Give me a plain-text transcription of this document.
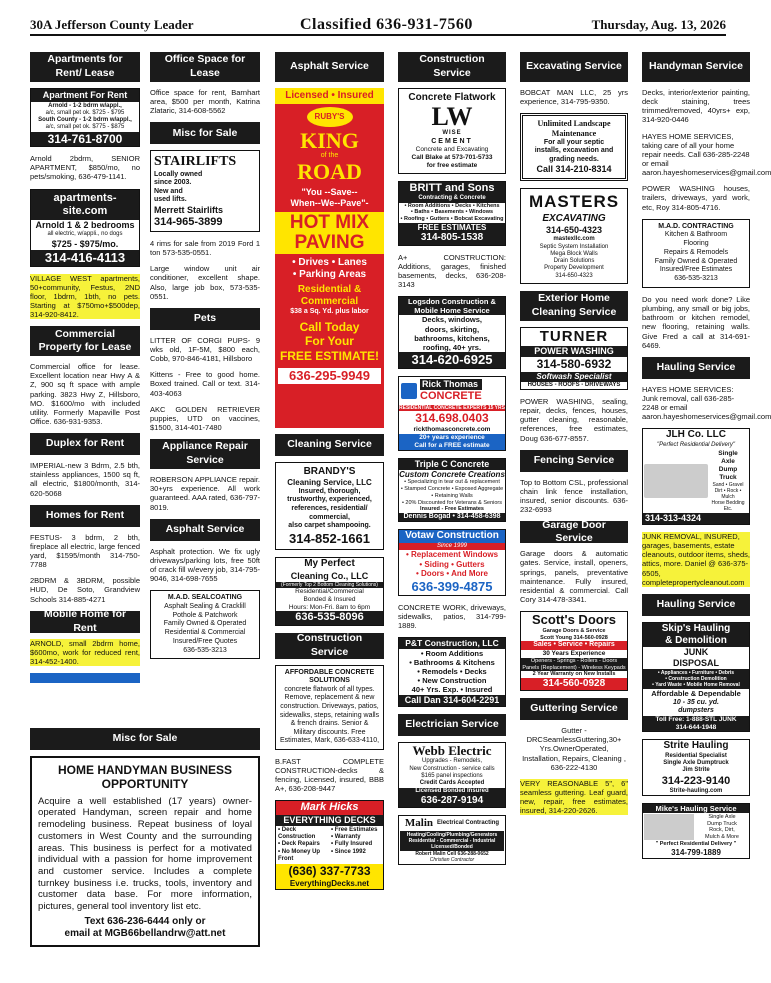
30A Jefferson County Leader	Classified 636-931-7560	Thursday, Aug. 13, 2026
Apartments for Rent/ Lease
Apartment For Rent
Arnold - 1-2 bdrm w/appl.,
a/c, small pet ok. $725 - $795
South County - 1-2 bdrm w/appl.,
a/c, small pet ok. $775 - $875
314-761-8700
Arnold 2bdrm, SENIOR APARTMENT, $850/mo, no pets/smoking, 636-479-1141.
apartments-site.com
Arnold 1 & 2 bedrooms
all electric, w/appli., no dogs
$725 - $975/mo.
314-416-4113
VILLAGE WEST apartments, 50+community, Festus, 2ND floor, 1bdrm, 1bth, no pets. Starting at $750mo+$500dep, 314-920-8412.
Commercial Property for Lease
Commercial office for lease. Excellent location near Hwy A & Z, 900 sq ft space with ample parking. 3823 Hwy Z, Hillsboro, MO. $1600/mo with included utility. Formerly Mapaville Post Office. 636-931-9353.
Duplex for Rent
IMPERIAL-new 3 Bdrm, 2.5 bth, stainless appliances, 1500 sq ft, all electric, $1800/month, 314-620-5068
Homes for Rent
FESTUS- 3 bdrm, 2 bth, fireplace all electric, large fenced yard, $1595/month 314-750-7788
2BDRM & 3BDRM, possible HUD, De Soto, Grandview Schools 314-885-4271
Mobile Home for Rent
ARNOLD, small 2bdrm home, $600mo, work for reduced rent, 314-452-1400.
Office Space for Lease
Office space for rent, Barnhart area, $500 per month, Katrina Zlataric, 314-608-5562
Misc for Sale
STAIRLIFTS
Locally owned
since 2003.
New and
used lifts.
Merrett Stairlifts
314-965-3899
4 rims for sale from 2019 Ford 1 ton 573-535-0551.
Large window unit air conditioner, excellent shape. Also, large job box, 573-535-0551.
Pets
LITTER OF CORGI PUPS- 9 wks old, 1F-5M, $800 each, Cobb, 970-846-4181, Hillsboro
Kittens - Free to good home. Boxed trained. Call or text. 314-403-4063
AKC GOLDEN RETRIEVER puppies, UTD on vaccines, $1500, 314-401-7480
Appliance Repair Service
ROBERSON APPLIANCE repair. 30+yrs experience. All work guaranteed. AAA rated, 636-797-8019.
Asphalt Service
Asphalt protection. We fix ugly driveways/parking lots, free 50ft of crack fill w/every job, 314-795-9046, 314-698-7655
M.A.D. SEALCOATING
Asphalt Sealing & Cracklill
Pothole & Patchwork
Family Owned & Operated
Residential & Commercial
Insured/Free Quotes
636-535-3213
Misc for Sale
HOME HANDYMAN BUSINESS OPPORTUNITY
Acquire a well established (17 years) owner-operated Handyman, screen repair and home remodeling business. Repeat business of loyal customers in West County and the surrounding areas. This business is perfect for a motivated individual with a passion for home improvement and customer service. Includes a complete turnkey business i.e. trucks, tools, inventory and customer data base. For more information, pictures, general tool inventory list etc.
Text 636-236-6444 only or
email at MGB66bellandrw@att.net
Asphalt Service
Licensed • Insured
RUBY'S
KING
of the
ROAD
"You --Save--
When--We--Pave"-
HOT MIX
PAVING
• Drives • Lanes
• Parking Areas
Residential &
Commercial
$38 a Sq. Yd. plus labor
Call Today
For Your
FREE ESTIMATE!
636-295-9949
Cleaning Service
BRANDY'S
Cleaning Service, LLC
Insured, thorough,
trustworthy, experienced,
references, residential/
commercial,
also carpet shampooing.
314-852-1661
My Perfect
Cleaning Co., LLC
(Formerly Top 2 Bottom Cleaning Solutions)
Residential/Commercial
Bonded & Insured
Hours: Mon-Fri. 8am to 6pm
636-535-8096
Construction Service
AFFORDABLE CONCRETE SOLUTIONS
concrete flatwork of all types. Remove, replacement & new construction. Driveways, patios, sidewalks, steps, retaining walls & french drains. Senior & Military discounts. Free Estimates, Mark, 636-633-4110,
B.FAST COMPLETE CONSTRUCTION-decks & fencing, Licensed, insured, BBB A+, 636-208-9447
Mark Hicks
EVERYTHING DECKS
• Deck Construction
• Deck Repairs
• No Money Up Front
• Free Estimates
• Warranty
• Fully Insured
• Since 1992
(636) 337-7733
EverythingDecks.net
Construction Service
Concrete Flatwork
LW
WISE
CEMENT
Concrete and Excavating
Call Blake at 573-701-5733
for free estimate
BRITT and Sons
Contracting & Concrete
• Room Additions • Decks • Kitchens
• Baths • Basements • Windows
• Roofing • Gutters • Bobcat Excavating
FREE ESTIMATES
314-805-1538
A+ CONSTRUCTION: Additions, garages, finished basements, decks, 636-208-3143
Logsdon Construction & Mobile Home Service
Decks, windows,
doors, skirting,
bathrooms, kitchens,
roofing, 40+ yrs.
314-620-6925
Rick Thomas
CONCRETE
RESIDENTIAL CONCRETE EXPERTS 15 YRS
314.698.0403
rickthomasconcrete.com
20+ years experience
Call for a FREE estimate
Triple C Concrete
Custom Concrete Creations
• Specializing in tear out & replacement
• Stamped Concrete • Exposed Aggregate
• Retaining Walls
• 20% Discounted for Veterans & Seniors
Insured - Free Estimates
Dennis Bogad • 314-458-6398
Votaw Construction
Since 1999
• Replacement Windows
• Siding • Gutters
• Doors • And More
636-399-4875
CONCRETE WORK, driveways, sidewalks, patios, 314-799-1889.
P&T Construction, LLC
• Room Additions
• Bathrooms & Kitchens
• Remodels • Decks
• New Construction
40+ Yrs. Exp. • Insured
Call Dan 314-604-2291
Electrician Service
Webb Electric
Upgrades - Remodels,
New Construction - service calls
$165 panel inspections
Credit Cards Accepted
Licensed Bonded Insured
636-287-9194
Malin Electrical Contracting
Heating/Cooling/Plumbing/Generators
Residential - Commercial - Industrial
Licensed/Bonded
Robert Malin Cell 636-288-0652
Christian Contractor
Excavating Service
BOBCAT MAN LLC, 25 yrs experience, 314-795-9350.
Unlimited Landscape
Maintenance
For all your septic
installs, excavation and
grading needs.
Call 314-210-8314
MASTERS
EXCAVATING
314-650-4323
mastexllc.com
Septic System Installation
Mega Block Walls
Drain Solutions
Property Development
314-650-4323
Exterior Home Cleaning Service
TURNER
POWER WASHING
314-580-6932
Softwash Specialist
HOUSES - ROOFS - DRIVEWAYS
POWER WASHING, sealing, repair, decks, fences, houses, gutter cleaning, reasonable, references, free estimates, Doug 636-677-8557.
Fencing Service
Top to Bottom CSL, professional chain link fence installation, insured, senior discounts. 636-232-6993
Garage Door Service
Garage doors & automatic gates. Service, install, openers, springs, panels, preventative maintenance. Fully insured, residential & commercial. Call Cory 314-478-3341.
Scott's Doors
Garage Doors & Service
Scott Young 314-560-0928
Sales • Service • Repairs
30 Years Experience
Openers - Springs - Rollers - Doors
Panels (Replacement) - Wireless Keypads
2 Year Warranty on New Installs
314-560-0928
Guttering Service
Gutter - DRCSeamlessGuttering,30+ Yrs.OwnerOperated, Installation, Repairs, Cleaning , 636-222-4130
VERY REASONABLE 5", 6" seamless guttering. Leaf guard, new, repair, free estimates, insured, 314-220-2626.
Handyman Service
Decks, interior/exterior painting, deck staining, trees trimmed/removed, 40yrs+ exp, 314-920-0446
HAYES HOME SERVICES, taking care of all your home repair needs. Call 636-285-2248 or email aaron.hayeshomeservices@gmail.com
POWER WASHING houses, trailers, driveways, yard work, etc, Roy 314-805-4716.
M.A.D. CONTRACTING
Kitchen & Bathroom
Flooring
Repairs & Remodels
Family Owned & Operated
Insured/Free Estimates
636-535-3213
Do you need work done? Like plumbing, any small or big jobs, bathroom or kitchen remodel, new flooring, retaining walls. Give Fred a call at 314-691-6469.
Hauling Service
HAYES HOME SERVICES: Junk removal, call 636-285-2248 or email aaron.hayeshomeservices@gmail.com
JLH Co. LLC
"Perfect Residential Delivery"
Single
Axle
Dump
Truck
Sand • Gravel
Dirt • Rock • Mulch
Horse Bedding
Etc.
314-313-4324
JUNK REMOVAL, INSURED, garages, basements, estate cleanouts, outdoor items, sheds, attics, more. Daniel @ 636-375-6505, completepropertycleanout.com
Hauling Service
Skip's Hauling
& Demolition
JUNK
DISPOSAL
• Appliances • Furniture • Debris
• Construction Demolition
• Yard Waste • Mobile Home Removal
Affordable & Dependable
10 - 35 cu. yd.
dumpsters
Toll Free: 1-888-STL JUNK
314-644-1948
Strite Hauling
Residential Specialist
Single Axle Dumptruck
Jim Strite
314-223-9140
Strite-hauling.com
Mike's Hauling Service
Single Axle
Dump Truck
Rock, Dirt,
Mulch & More
" Perfect Residential Delivery "
314-799-1889
